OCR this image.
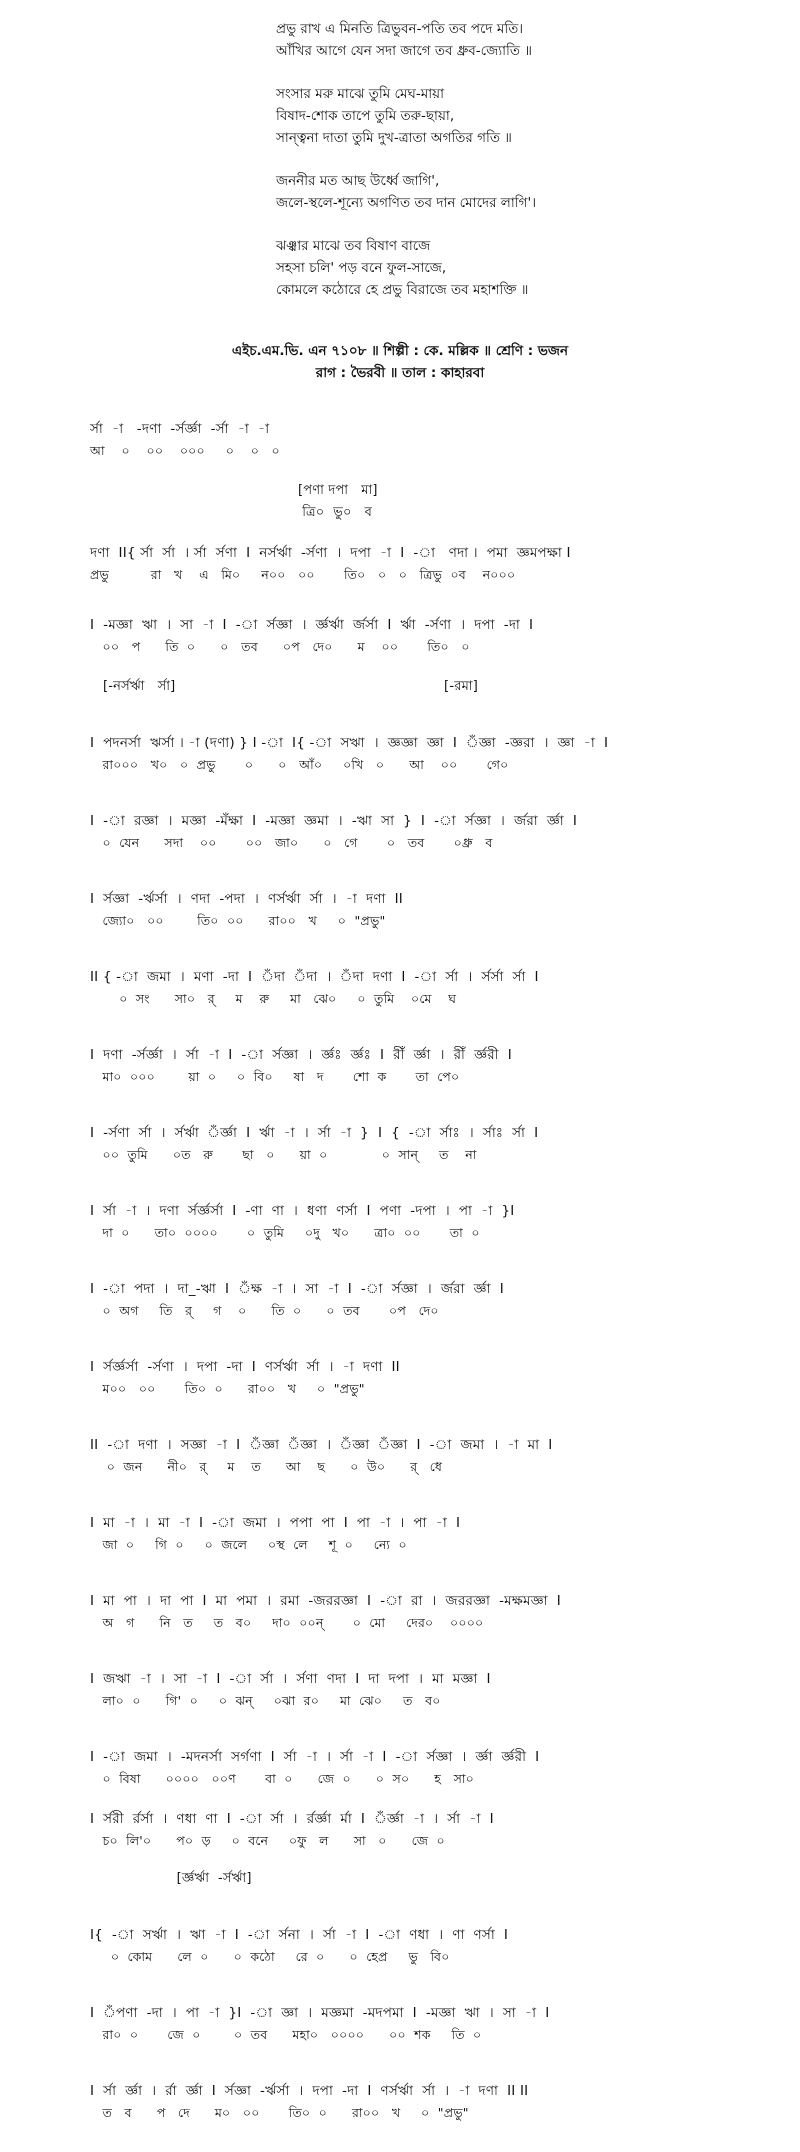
প্রভু রাখ এ মিনতি ত্রিভুবন-পতি তব পদে মতি।
আঁখির আগে যেন সদা জাগে তব ধ্রুব-জ্যোতি ॥
সংসার মরু মাঝে তুমি মেঘ-মায়া
বিষাদ-শোক তাপে তুমি তরু-ছায়া,
সান্ত্বনা দাতা তুমি দুখ-ত্রাতা অগতির গতি ॥
জননীর মত আছ উর্ধ্বে জাগি',
জলে-স্থলে-শূন্যে অগণিত তব দান মোদের লাগি'।
ঝঞ্ঝার মাঝে তব বিষাণ বাজে
সহসা চলি' পড় বনে ফুল-সাজে,
কোমলে কঠোরে হে প্রভু বিরাজে তব মহাশক্তি ॥
এইচ.এম.ভি. এন ৭১০৮ ॥ শিল্পী : কে. মল্লিক ॥ শ্রেণি : ভজন
রাগ : ভৈরবী ॥ তাল : কাহারবা
র্সা  -া   -দণা  -র্সর্জ্ঞা  -র্সা  -া  -া
আ    ০    ০০    ০০০     ০    ০   ০
[পণা দপা   মা]
ত্রি০  ভু০   ব
দণা  II{ র্সা  র্সা  । র্সা  র্সণা  I  নর্সর্ঋা  -র্সণা  ।  দপা  -া  I  -া   ণদা ।  পমা  জ্ঞমপক্ষা I
প্রভু          রা   খ    এ   মি০     ন০০   ০০       তি০   ০   ০   ত্রিভু  ০ব    ন০০০
I  -মজ্ঞা  ঋা  ।  সা  -া  I  -া  র্সজ্ঞা  ।  র্জ্ঞর্ঋা  র্জর্সা  I  র্ঋা  -র্সণা  ।  দপা  -দা  I
০০   প      তি  ০      ০   তব      ০প   দে০      ম    ০০       তি০   ০
[-নর্সর্ঋা   র্সা]                                                              [-রমা]
I  পদনর্সা  ঋর্সা । -া (দণা) } I -া  I{ -া  সঋা  ।  জ্ঞজ্ঞা  জ্ঞা  I  ঁজ্ঞা  -জ্ঞরা  ।  জ্ঞা  -া  I
রা০০০   খ০   ০  প্রভু       ০      ০   আঁ০     ০খি   ০      আ    ০০       গে০
I  -া  রজ্ঞা  ।  মজ্ঞা  -মঁক্ষা  I  -মজ্ঞা  জ্ঞমা  ।  -ঋা  সা  }  I  -া  র্সজ্ঞা  ।  র্জরা  র্জ্ঞা  I
০  যেন      সদা    ০০       ০০   জা০      ০   গে       ০   তব       ০ধ্রু   ব
I  র্সজ্ঞা  -র্ঋর্সা  ।  ণদা  -পদা  ।  ণর্সর্ঋা  র্সা  ।  -া  দণা  II
জ্যো০   ০০        তি০  ০০      রা০০   খ     ০  "প্রভু"
II { -া  জমা  ।  মণা  -দা  I  ঁদা  ঁদা  ।  ঁদা  দণা  I  -া  র্সা  ।  র্সর্সা  র্সা  I
০  সং      সা০   র্     ম    রু     মা   ঝে০     ০  তুমি    ০মে    ঘ
I  দণা  -র্সর্জ্ঞা  ।  র্সা  -া  I  -া  র্সজ্ঞা  ।  র্জ্ঞঃ  র্জ্ঞঃ  I  রীঁ  র্জ্ঞা  ।  রীঁ  র্জ্ঞরী  I
মা০  ০০০        য়া  ০     ০  বি০     ষা   দ       শো  ক       তা  পে০
I  -র্সণা  র্সা  ।  র্সর্ঋা  ঁর্জ্ঞা  I  র্ঋা  -া  ।  র্সা  -া  }  I  {  -া  র্সাঃ  ।  র্সাঃ  র্সা  I
০০  তুমি      ০ত   রু       ছা   ০      য়া  ০             ০  সান্     ত    না
I  র্সা  -া  ।  দণা  র্সর্জ্ঞর্সা  I  -ণা  ণা  ।  ধণা  ণর্সা  I  পণা  -দপা  ।  পা  -া  }I
দা  ০      তা০  ০০০০       ০  তুমি     ০দু   খ০      ত্রা০  ০০       তা  ০
I  -া  পদা  ।  দা_-ঋা  I  ঁক্ষ  -া  ।  সা  -া  I  -া  র্সজ্ঞা  ।  র্জরা  র্জ্ঞা  I
০  অগ     তি   র্     গ    ০      তি  ০      ০  তব       ০প   দে০
I  র্সর্জ্ঞর্সা  -র্সণা  ।  দপা  -দা  I  ণর্সর্ঋা  র্সা  ।  -া  দণা  II
ম০০   ০০       তি০  ০      রা০০   খ     ০  "প্রভু"
II  -া  দণা  ।  সজ্ঞা  -া  I  ঁজ্ঞা  ঁজ্ঞা  ।  ঁজ্ঞা  ঁজ্ঞা  I  -া  জমা  ।  -া  মা  I
০  জন      নী০   র্     ম    ত      আ    ছ      ০  উ০      র্   ধে
I  মা  -া  ।  মা  -া  I  -া  জমা  ।  পপা  পা  I  পা  -া  ।  পা  -া  I
জা  ০     গি  ০     ০  জলে     ০স্থ  লে     শূ  ০     ন্যে  ০
I  মা  পা  ।  দা  পা  I  মা  পমা  ।  রমা  -জররজ্ঞা  I  -া  রা  ।  জররজ্ঞা  -মক্ষমজ্ঞা  I
অ   গ      নি   ত     ত   ব০     দা০  ০০ন্       ০  মো     দের০    ০০০০
I  জঋা  -া  ।  সা  -া  I  -া  র্সা  ।  র্সণা  ণদা  I  দা  দপা  ।  মা  মজ্ঞা  I
লা০  ০      গি'  ০     ০  ঝন্     ০ঝা  র০     মা  ঝে০     ত   ব০
I  -া  জমা  ।  -মদনর্সা  সর্গণা  I  র্সা  -া  ।  র্সা  -া  I  -া  র্সজ্ঞা  ।  র্জ্ঞা  র্জ্ঞরী  I
০  বিষা      ০০০০   ০০ণ       বা  ০      জে  ০      ০  স০      হ   সা০
I  র্সরী  র্রর্সা  ।  ণধা  ণা  I  -া  র্সা  ।  র্রর্জ্ঞা  র্মা  I  ঁর্জ্ঞা  -া  ।  র্সা  -া  I
চ০  লি'০      প০  ড়     ০  বনে     ০ফু   ল      সা   ০      জে  ০
[র্জ্ঞর্ঋা  -র্সর্ঋা]
I{  -া  সর্ঋা  ।  ঋা  -া  I  -া  র্সনা  ।  র্সা  -া  I  -া  ণধা  ।  ণা  ণর্সা  I
০  কোম      লে  ০      ০  কঠো     রে  ০      ০  হেপ্র     ভু   বি০
I  ঁপণা  -দা  ।  পা  -া  }I  -া  জ্ঞা  ।  মজ্ঞমা  -মদপমা  I  -মজ্ঞা  ঋা  ।  সা  -া  I
রা০  ০       জে  ০        ০  তব      মহা০   ০০০০      ০০  শক     তি  ০
I  র্সা  র্জ্ঞা  ।  র্রা  র্জ্ঞা  I  র্সজ্ঞা  -র্ঋর্সা  ।  দপা  -দা  I  ণর্সর্ঋা  র্সা  ।  -া  দণা  II II
ত   ব      প   দে      ম০   ০০       তি০  ০      রা০০   খ     ০  "প্রভু"
